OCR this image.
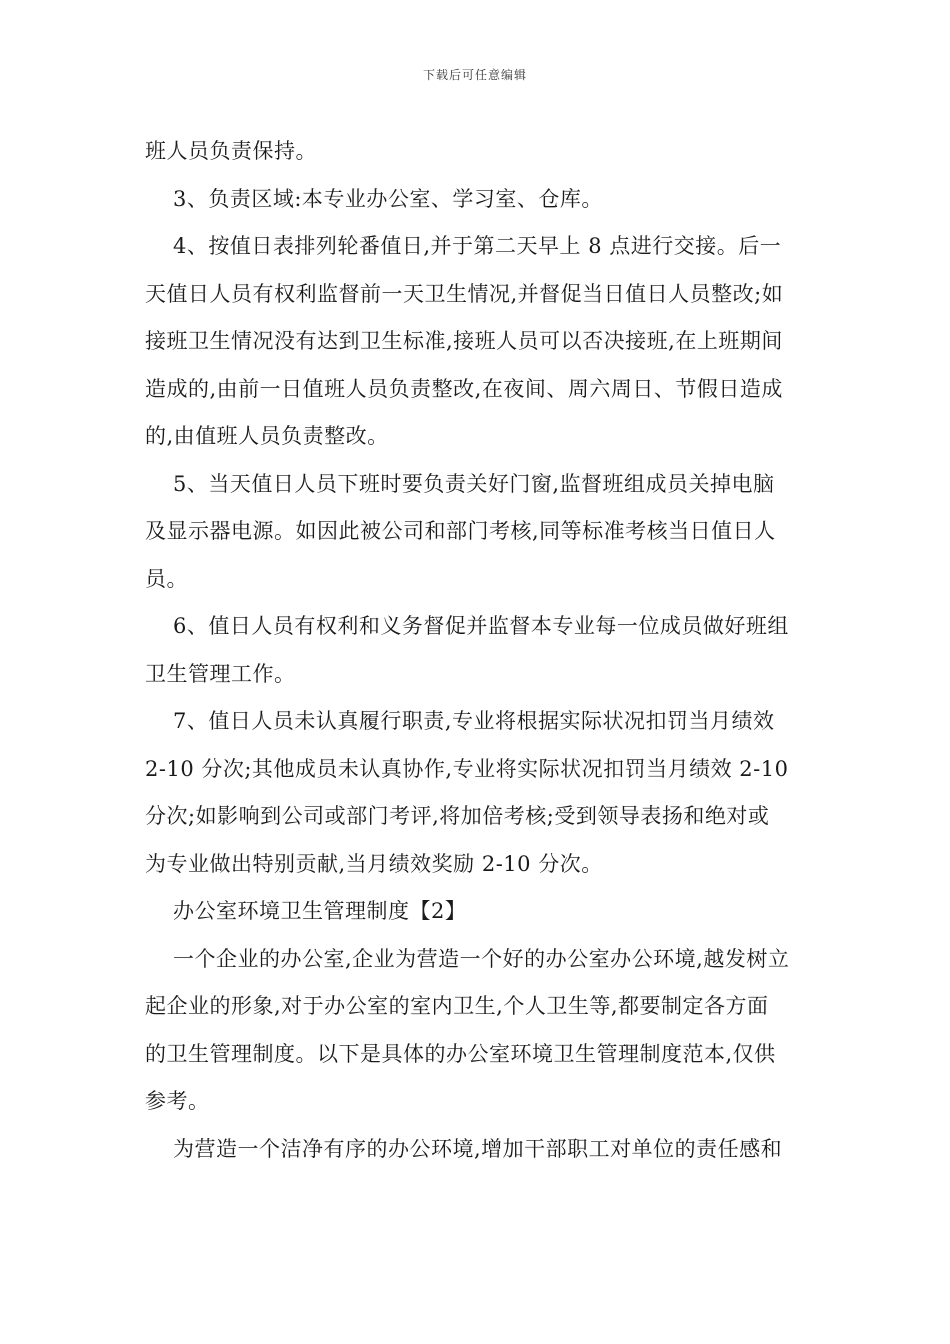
下载后可任意编辑
班人员负责保持。
3、负责区域:本专业办公室、学习室、仓库。
4、按值日表排列轮番值日,并于第二天早上 8 点进行交接。后一
天值日人员有权利监督前一天卫生情况,并督促当日值日人员整改;如
接班卫生情况没有达到卫生标准,接班人员可以否决接班,在上班期间
造成的,由前一日值班人员负责整改,在夜间、周六周日、节假日造成
的,由值班人员负责整改。
5、当天值日人员下班时要负责关好门窗,监督班组成员关掉电脑
及显示器电源。如因此被公司和部门考核,同等标准考核当日值日人
员。
6、值日人员有权利和义务督促并监督本专业每一位成员做好班组
卫生管理工作。
7、值日人员未认真履行职责,专业将根据实际状况扣罚当月绩效
2-10 分次;其他成员未认真协作,专业将实际状况扣罚当月绩效 2-10
分次;如影响到公司或部门考评,将加倍考核;受到领导表扬和绝对或
为专业做出特别贡献,当月绩效奖励 2-10 分次。
办公室环境卫生管理制度【2】
一个企业的办公室,企业为营造一个好的办公室办公环境,越发树立
起企业的形象,对于办公室的室内卫生,个人卫生等,都要制定各方面
的卫生管理制度。以下是具体的办公室环境卫生管理制度范本,仅供
参考。
为营造一个洁净有序的办公环境,增加干部职工对单位的责任感和
